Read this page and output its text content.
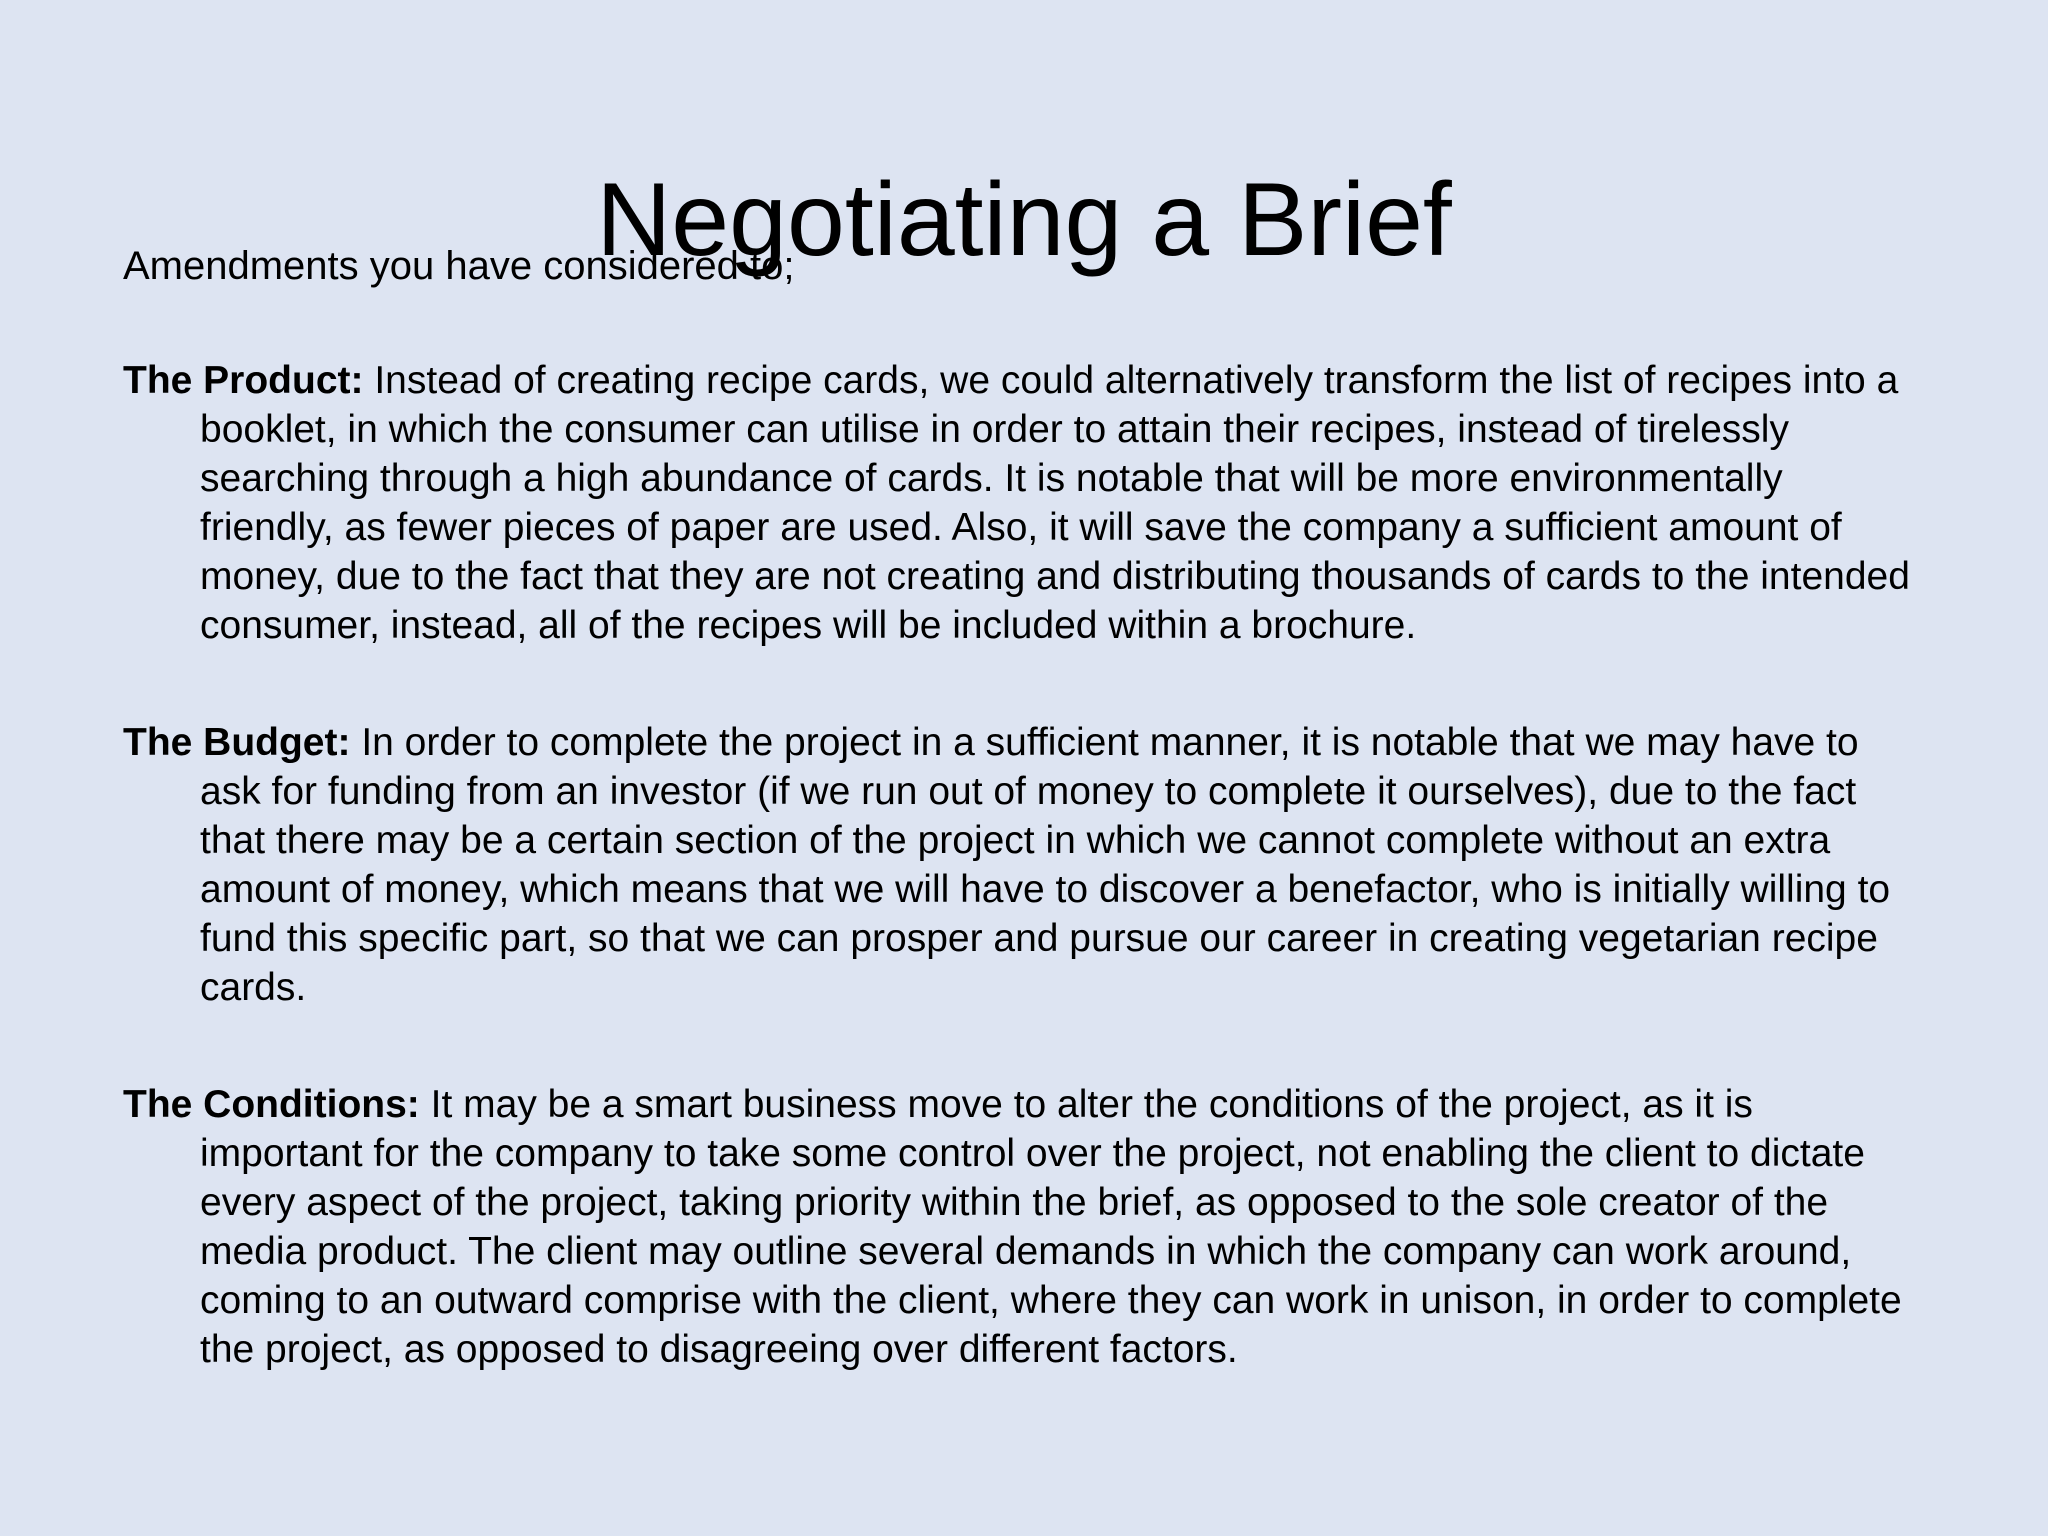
Negotiating a Brief

Amendments you have considered to;

The Product: Instead of creating recipe cards, we could alternatively transform the list of recipes into a booklet, in which the consumer can utilise in order to attain their recipes, instead of tirelessly searching through a high abundance of cards. It is notable that will be more environmentally friendly, as fewer pieces of paper are used. Also, it will save the company a sufficient amount of money, due to the fact that they are not creating and distributing thousands of cards to the intended consumer, instead, all of the recipes will be included within a brochure.

The Budget: In order to complete the project in a sufficient manner, it is notable that we may have to ask for funding from an investor (if we run out of money to complete it ourselves), due to the fact that there may be a certain section of the project in which we cannot complete without an extra amount of money, which means that we will have to discover a benefactor, who is initially willing to fund this specific part, so that we can prosper and pursue our career in creating vegetarian recipe cards.

The Conditions: It may be a smart business move to alter the conditions of the project, as it is important for the company to take some control over the project, not enabling the client to dictate every aspect of the project, taking priority within the brief, as opposed to the sole creator of the media product. The client may outline several demands in which the company can work around, coming to an outward comprise with the client, where they can work in unison, in order to complete the project, as opposed to disagreeing over different factors.
